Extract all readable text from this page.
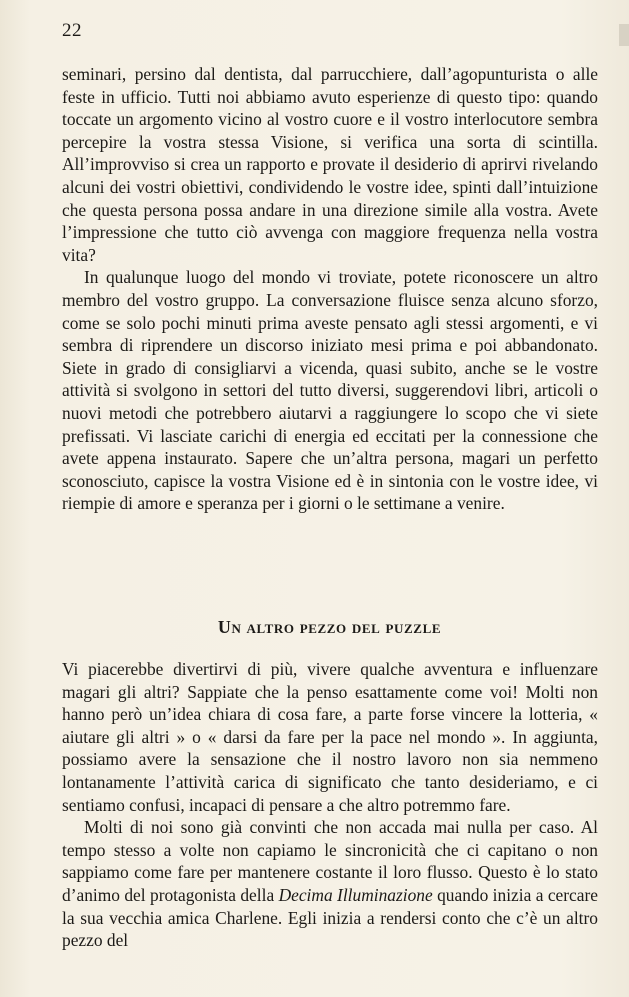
22

seminari, persino dal dentista, dal parrucchiere, dall’agopunturista o alle feste in ufficio. Tutti noi abbiamo avuto esperienze di questo tipo: quando toccate un argomento vicino al vostro cuore e il vostro interlocutore sembra percepire la vostra stessa Visione, si verifica una sorta di scintilla. All’improvviso si crea un rapporto e provate il desiderio di aprirvi rivelando alcuni dei vostri obiettivi, condividendo le vostre idee, spinti dall’intuizione che questa persona possa andare in una direzione simile alla vostra. Avete l’impressione che tutto ciò avvenga con maggiore frequenza nella vostra vita?

In qualunque luogo del mondo vi troviate, potete riconoscere un altro membro del vostro gruppo. La conversazione fluisce senza alcuno sforzo, come se solo pochi minuti prima aveste pensato agli stessi argomenti, e vi sembra di riprendere un discorso iniziato mesi prima e poi abbandonato. Siete in grado di consigliarvi a vicenda, quasi subito, anche se le vostre attività si svolgono in settori del tutto diversi, suggerendovi libri, articoli o nuovi metodi che potrebbero aiutarvi a raggiungere lo scopo che vi siete prefissati. Vi lasciate carichi di energia ed eccitati per la connessione che avete appena instaurato. Sapere che un’altra persona, magari un perfetto sconosciuto, capisce la vostra Visione ed è in sintonia con le vostre idee, vi riempie di amore e speranza per i giorni o le settimane a venire.

Un altro pezzo del puzzle

Vi piacerebbe divertirvi di più, vivere qualche avventura e influenzare magari gli altri? Sappiate che la penso esattamente come voi! Molti non hanno però un’idea chiara di cosa fare, a parte forse vincere la lotteria, « aiutare gli altri » o « darsi da fare per la pace nel mondo ». In aggiunta, possiamo avere la sensazione che il nostro lavoro non sia nemmeno lontanamente l’attività carica di significato che tanto desideriamo, e ci sentiamo confusi, incapaci di pensare a che altro potremmo fare.

Molti di noi sono già convinti che non accada mai nulla per caso. Al tempo stesso a volte non capiamo le sincronicità che ci capitano o non sappiamo come fare per mantenere costante il loro flusso. Questo è lo stato d’animo del protagonista della Decima Illuminazione quando inizia a cercare la sua vecchia amica Charlene. Egli inizia a rendersi conto che c’è un altro pezzo del
